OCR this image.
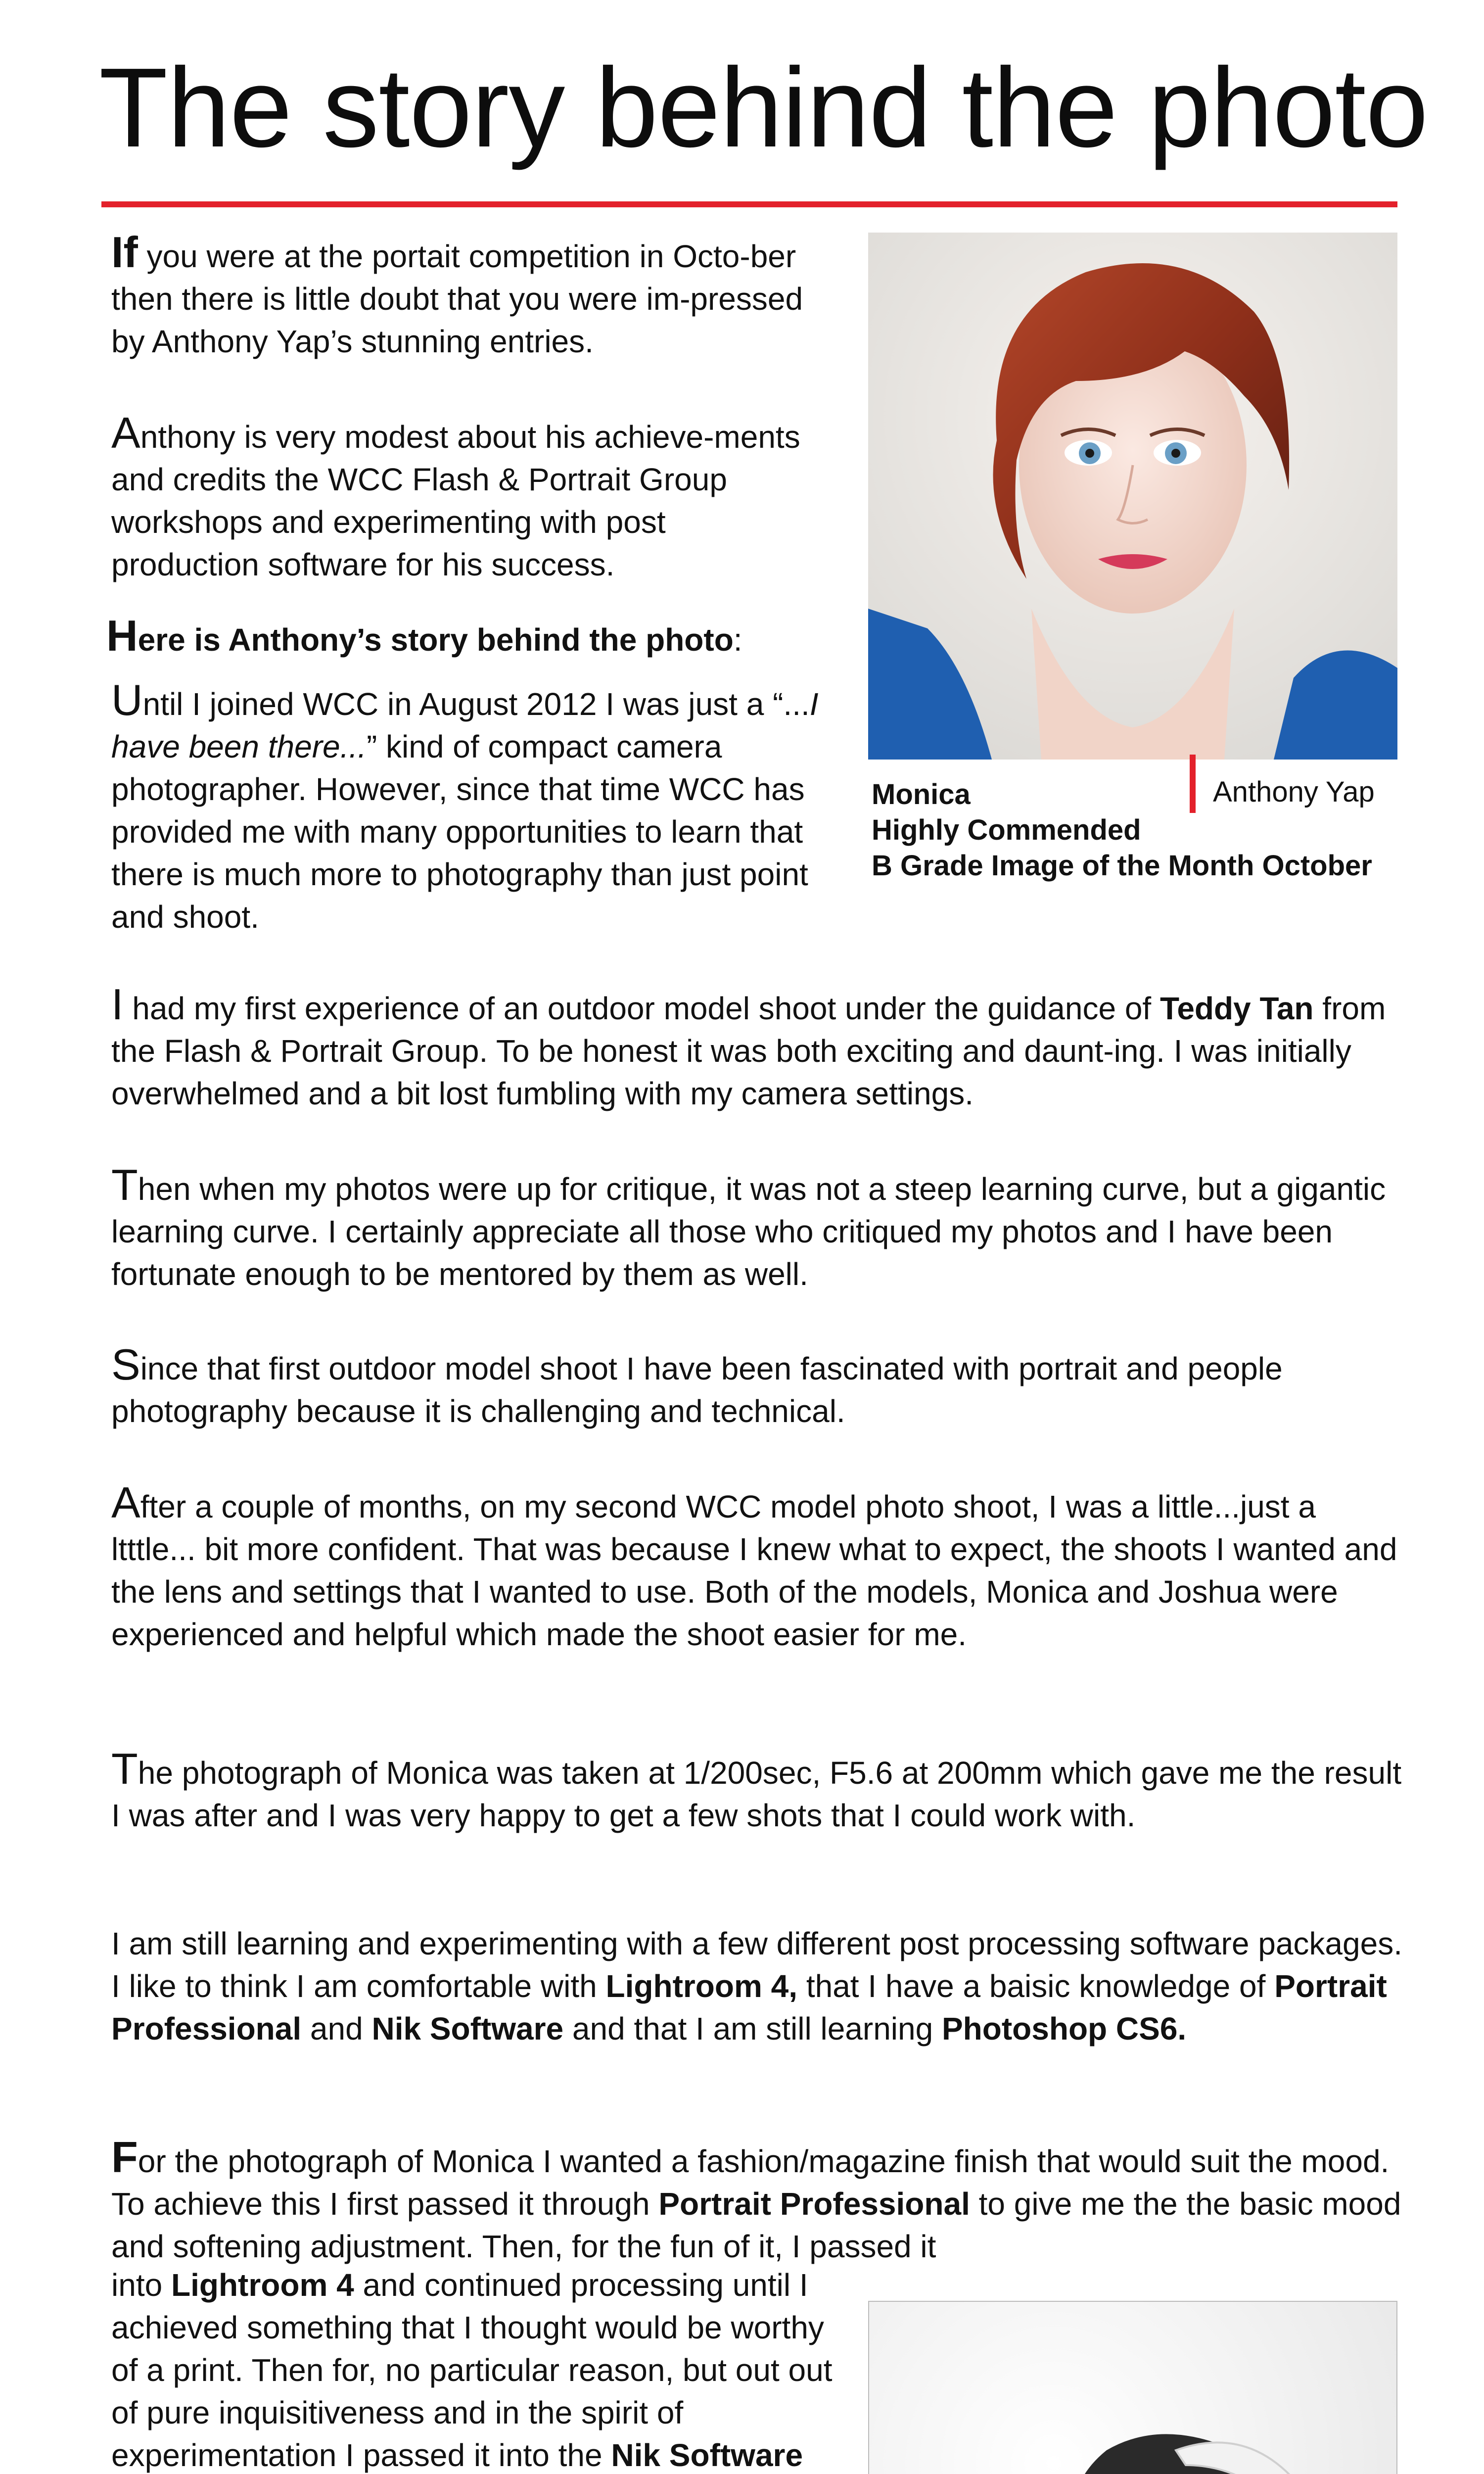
The story behind the photo

If you were at the portait competition in Octo-ber then there is little doubt that you were im-pressed by Anthony Yap’s stunning entries.

Anthony is very modest about his achieve-ments and credits the WCC Flash & Portrait Group workshops and experimenting with post production software for his success.

Here is Anthony’s story behind the photo:

Until I joined WCC in August 2012 I was just a “...I have been there...” kind of compact camera photographer. However, since that time WCC has provided me with many opportunities to learn that there is much more to photography than just point and shoot.

Monica
Highly Commended
B Grade Image of the Month October
Anthony Yap

I had my first experience of an outdoor model shoot under the guidance of Teddy Tan from the Flash & Portrait Group. To be honest it was both exciting and daunt-ing. I was initially overwhelmed and a bit lost fumbling with my camera settings.

Then when my photos were up for critique, it was not a steep learning curve, but a gigantic learning curve. I certainly appreciate all those who critiqued my photos and I have been fortunate enough to be mentored by them as well.

Since that first outdoor model shoot I have been fascinated with portrait and people photography because it is challenging and technical.

After a couple of months, on my second WCC model photo shoot, I was a little...just a ltttle... bit more confident. That was because I knew what to expect, the shoots I wanted and the lens and settings that I wanted to use. Both of the models, Monica and Joshua were experienced and helpful which made the shoot easier for me.

The photograph of Monica was taken at 1/200sec, F5.6 at 200mm which gave me the result I was after and I was very happy to get a few shots that I could work with.

I am still learning and experimenting with a few different post processing software packages. I like to think I am comfortable with Lightroom 4, that I have a baisic knowledge of Portrait Professional and Nik Software and that I am still learning Photoshop CS6.

For the photograph of Monica I wanted a fashion/magazine finish that would suit the mood. To achieve this I first passed it through Portrait Professional to give me the the basic mood and softening adjustment. Then, for the fun of it, I passed it

into Lightroom 4 and continued processing until I achieved something that I thought would be worthy of a print. Then for, no particular reason, but out out of pure inquisitiveness and in the spirit of experimentation I passed it into the Nik Software
